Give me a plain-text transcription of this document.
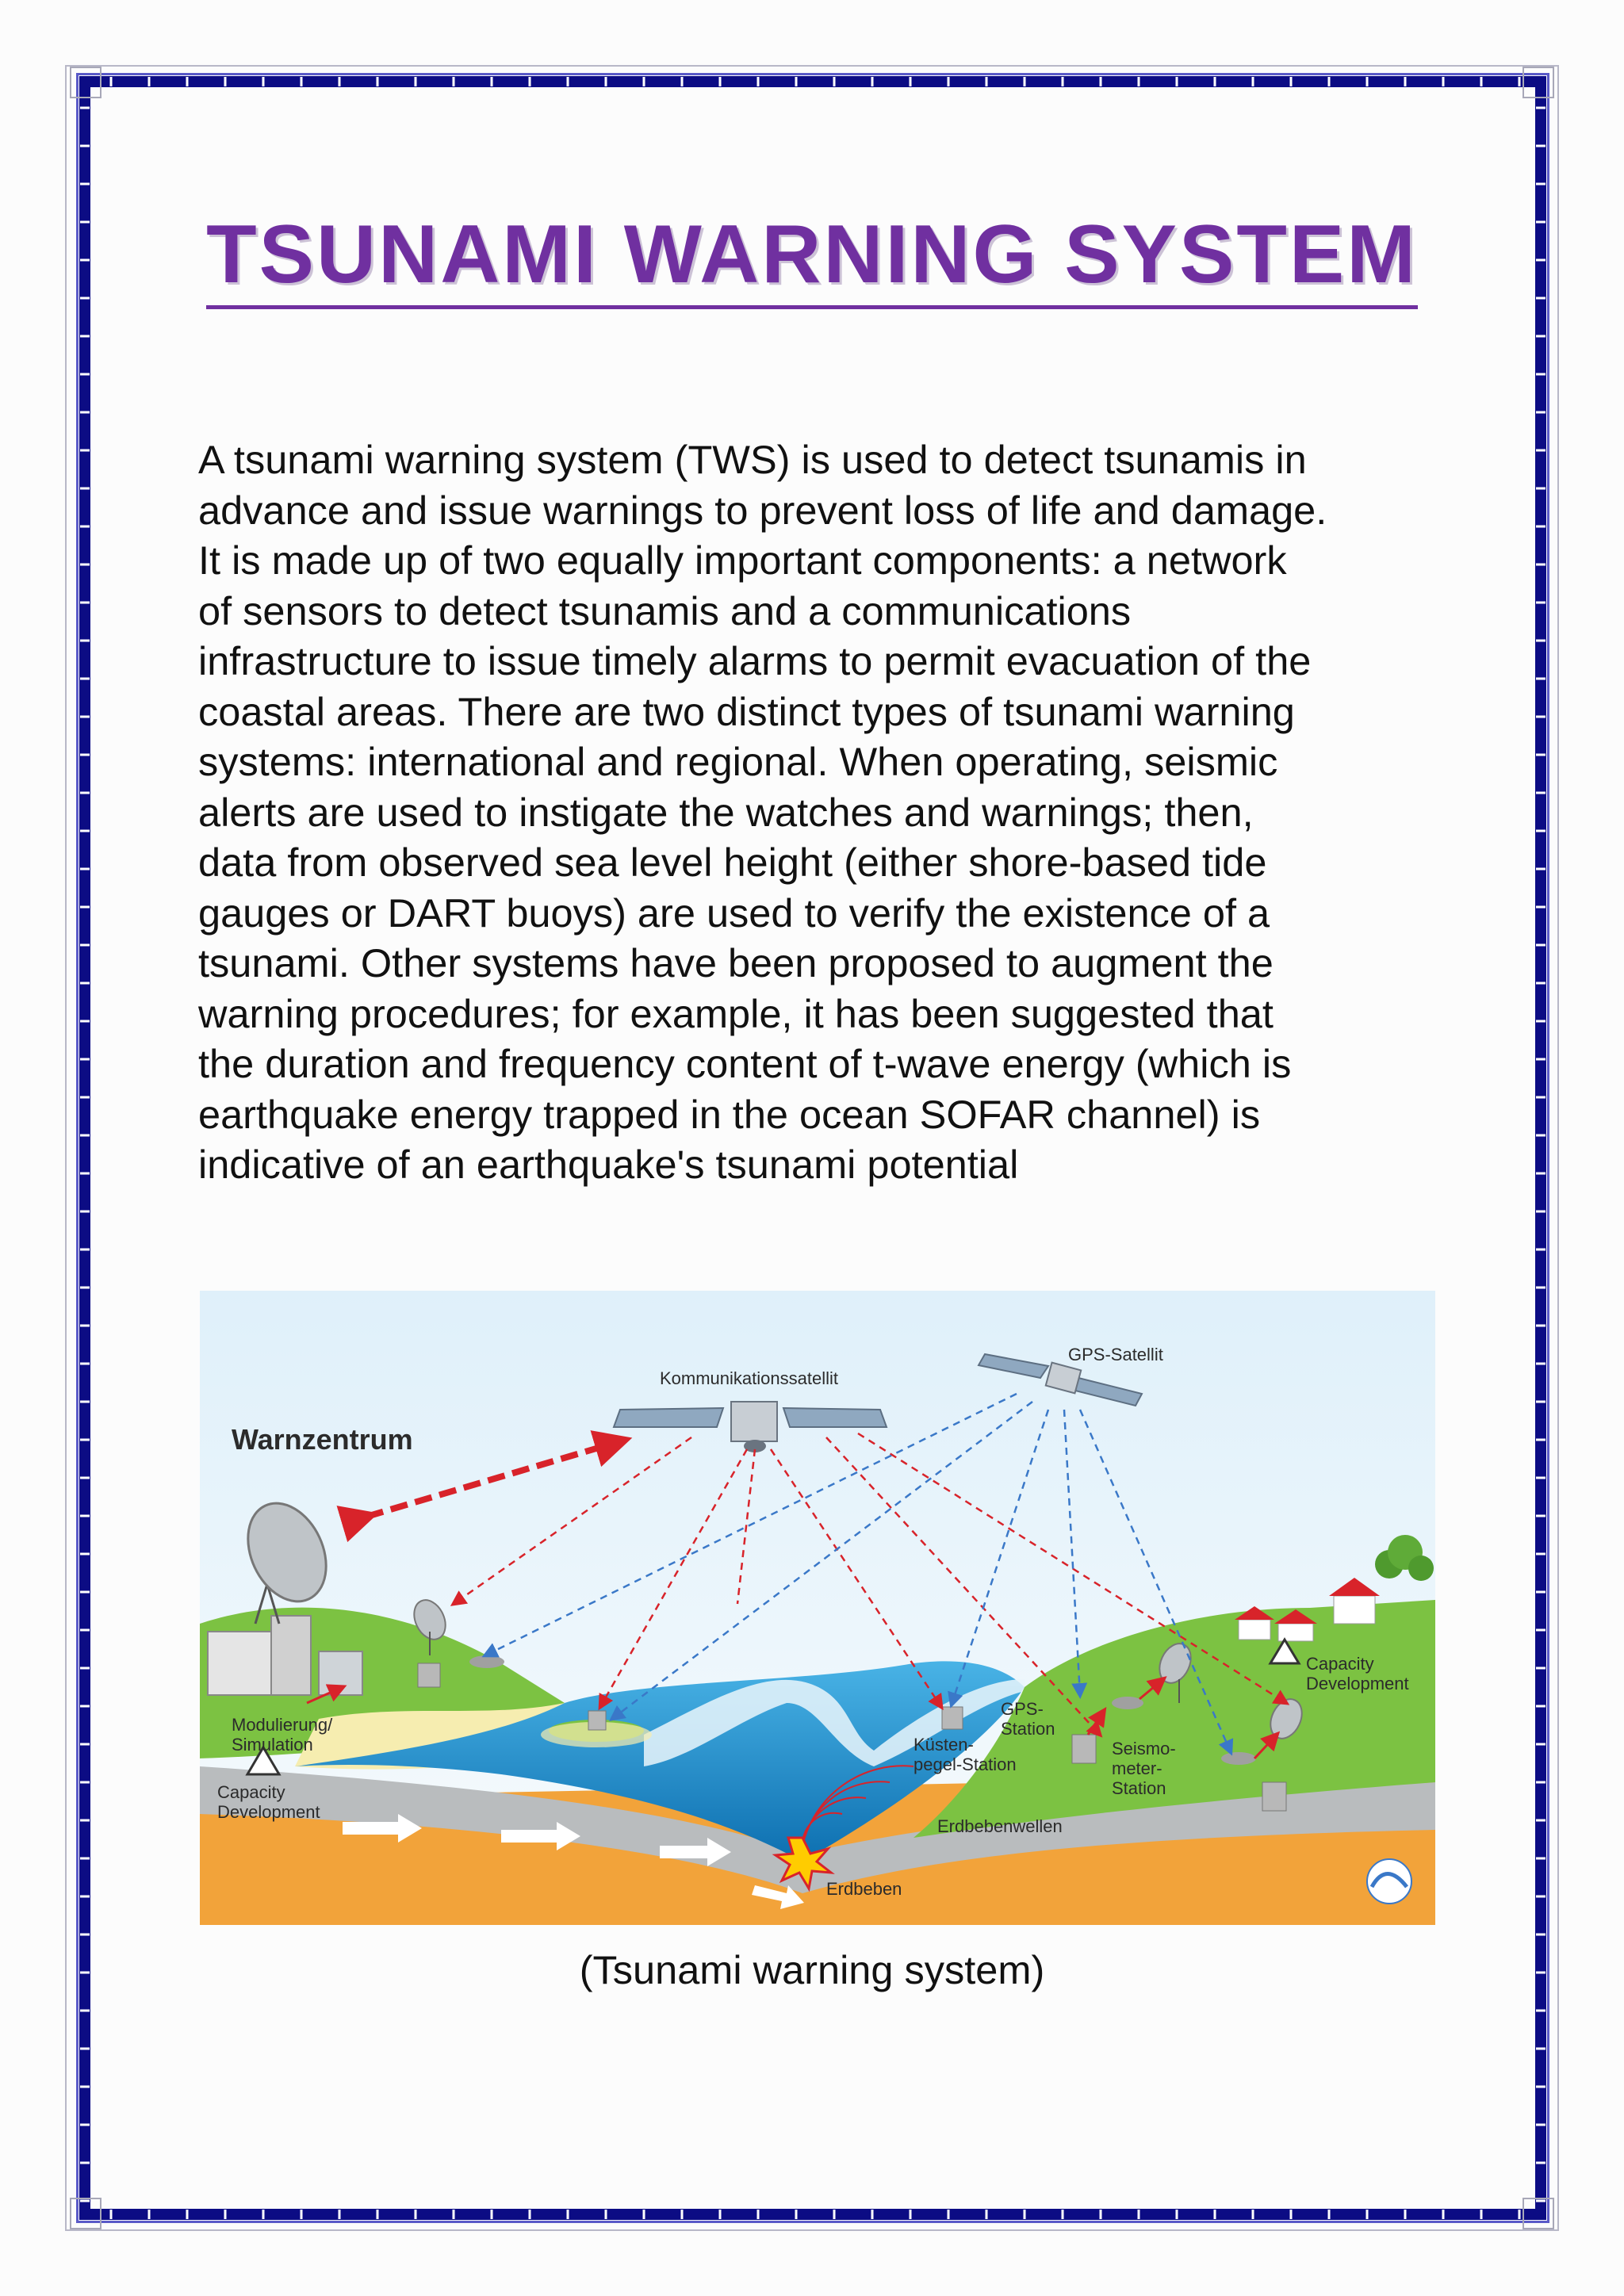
TSUNAMI WARNING SYSTEM
A tsunami warning system (TWS) is used to detect tsunamis in
advance and issue warnings to prevent loss of life and damage.
It is made up of two equally important components: a network
of sensors to detect tsunamis and a communications
infrastructure to issue timely alarms to permit evacuation of the
coastal areas. There are two distinct types of tsunami warning
systems: international and regional. When operating, seismic
alerts are used to instigate the watches and warnings; then,
data from observed sea level height (either shore-based tide
gauges or DART buoys) are used to verify the existence of a
tsunami. Other systems have been proposed to augment the
warning procedures; for example, it has been suggested that
the duration and frequency content of t-wave energy (which is
earthquake energy trapped in the ocean SOFAR channel) is
indicative of an earthquake's tsunami potential
Kommunikationssatellit
GPS-Satellit
Warnzentrum
Modulierung/
Simulation
Capacity
Development
Capacity
Development
GPS-
Station
Küsten-
pegel-Station
Seismo-
meter-
Station
Erdbebenwellen
Erdbeben
(Tsunami warning system)
